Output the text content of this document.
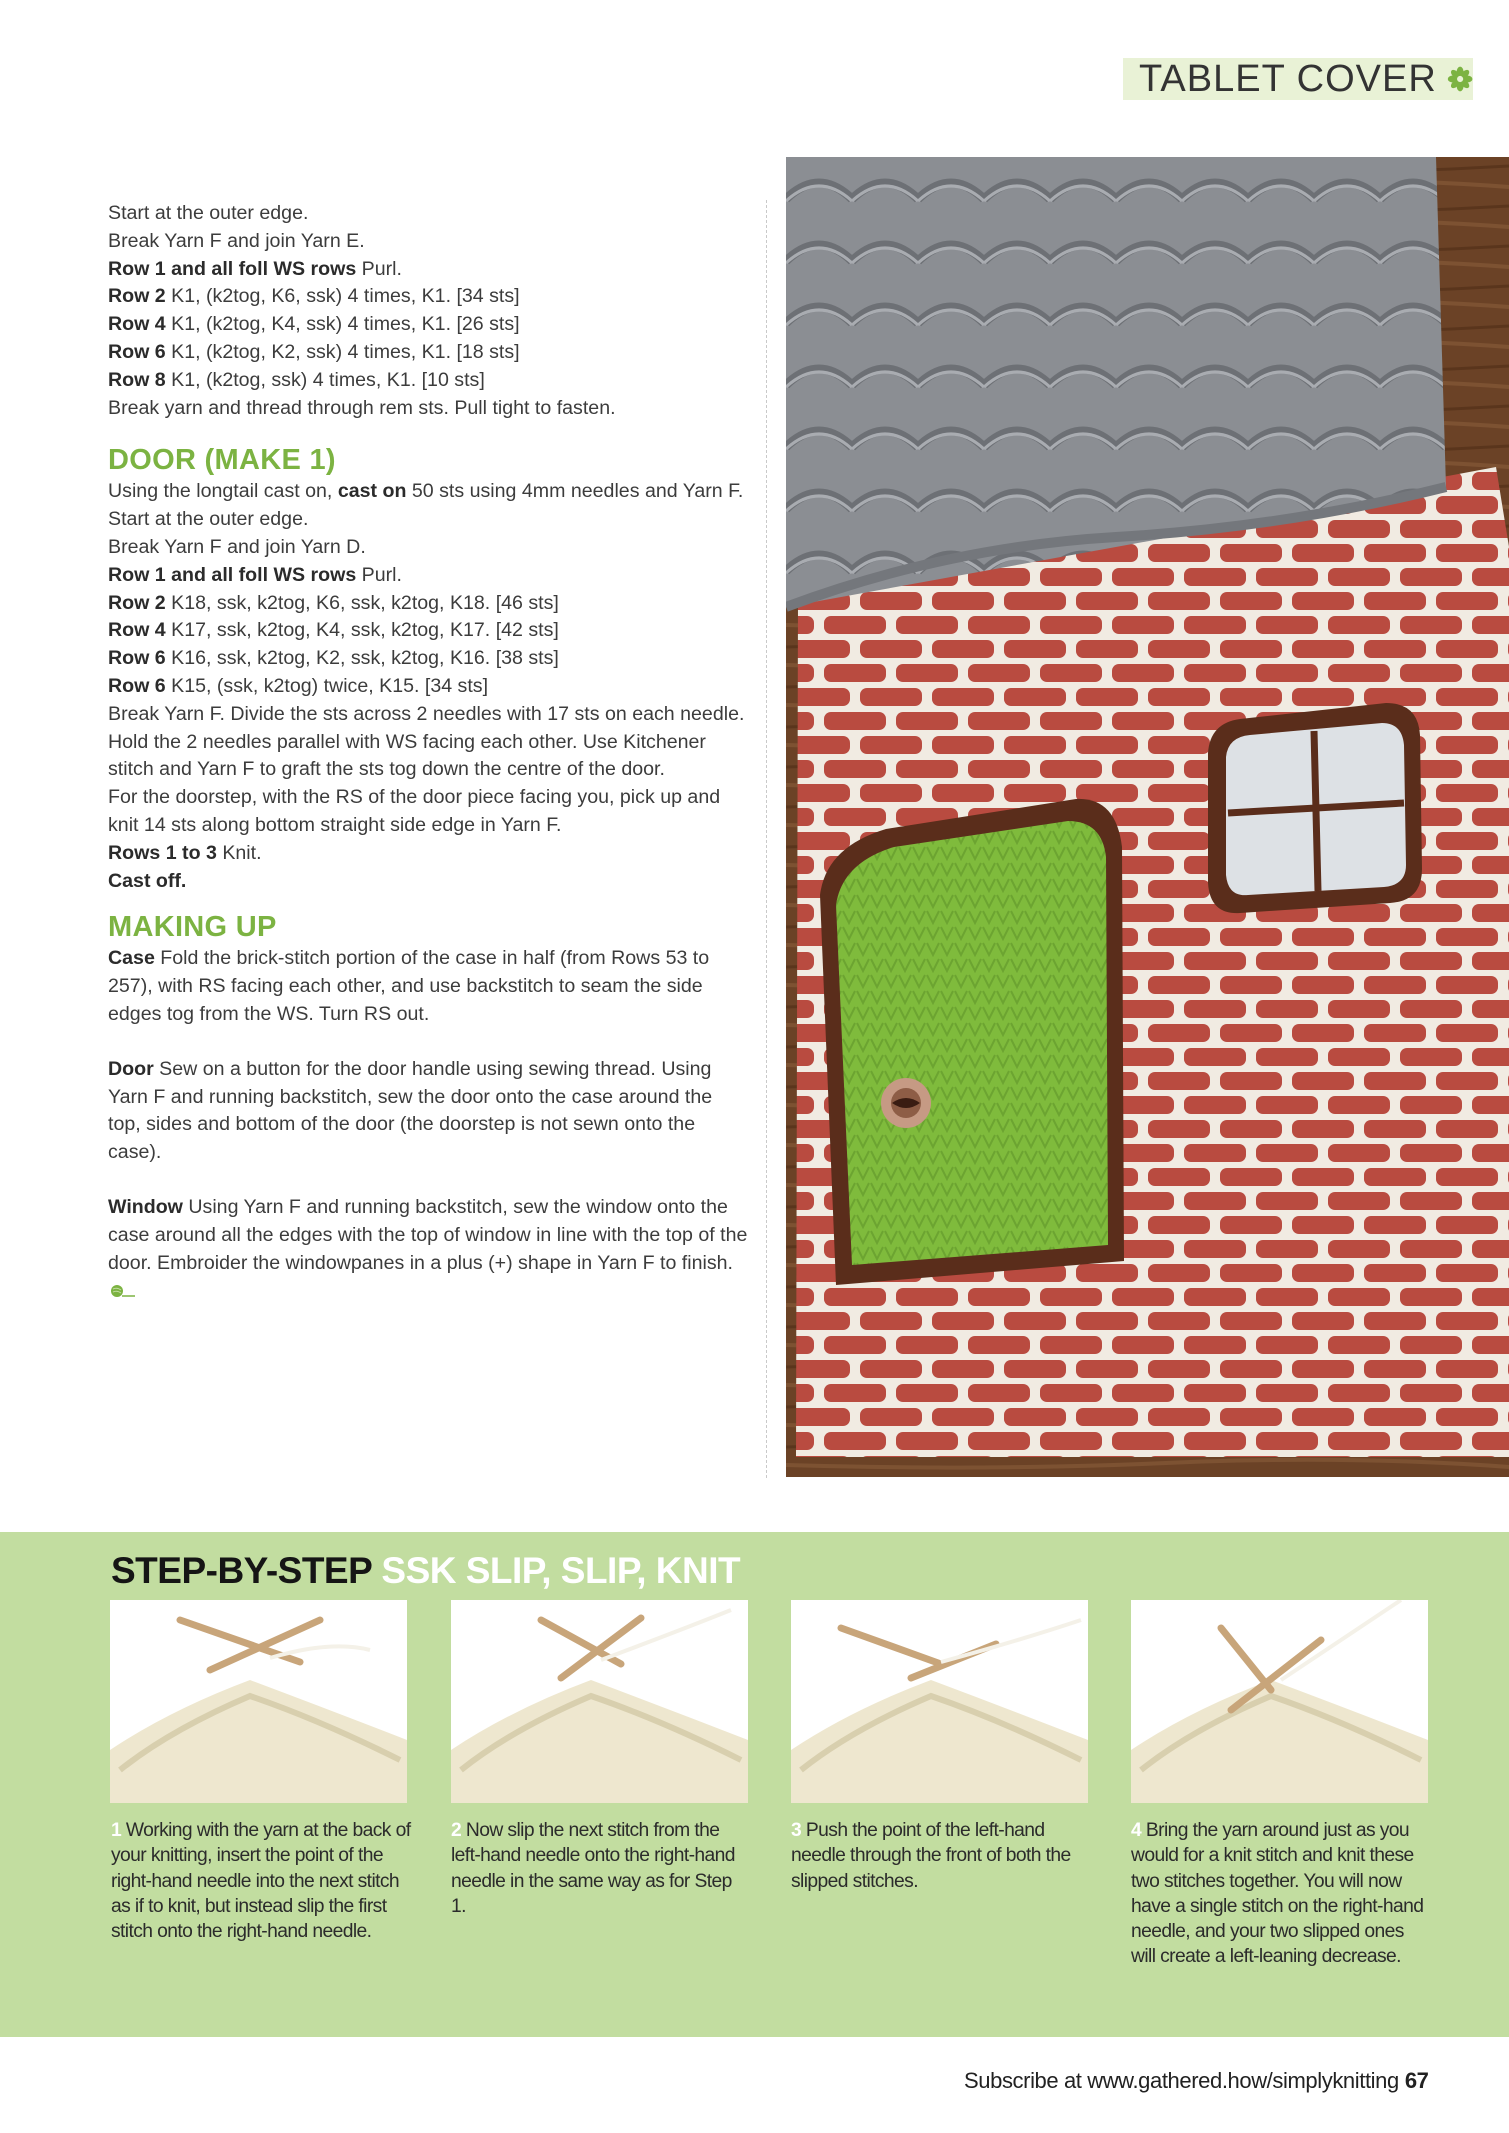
TABLET COVER

Start at the outer edge.

Break Yarn F and join Yarn E.

Row 1 and all foll WS rows Purl.

Row 2 K1, (k2tog, K6, ssk) 4 times, K1. [34 sts]

Row 4 K1, (k2tog, K4, ssk) 4 times, K1. [26 sts]

Row 6 K1, (k2tog, K2, ssk) 4 times, K1. [18 sts]

Row 8 K1, (k2tog, ssk) 4 times, K1. [10 sts]

Break yarn and thread through rem sts. Pull tight to fasten.

DOOR (MAKE 1)

Using the longtail cast on, cast on 50 sts using 4mm needles and Yarn F.

Start at the outer edge.

Break Yarn F and join Yarn D.

Row 1 and all foll WS rows Purl.

Row 2 K18, ssk, k2tog, K6, ssk, k2tog, K18. [46 sts]

Row 4 K17, ssk, k2tog, K4, ssk, k2tog, K17. [42 sts]

Row 6 K16, ssk, k2tog, K2, ssk, k2tog, K16. [38 sts]

Row 6 K15, (ssk, k2tog) twice, K15. [34 sts]

Break Yarn F. Divide the sts across 2 needles with 17 sts on each needle. Hold the 2 needles parallel with WS facing each other. Use Kitchener stitch and Yarn F to graft the sts tog down the centre of the door.

For the doorstep, with the RS of the door piece facing you, pick up and knit 14 sts along bottom straight side edge in Yarn F.

Rows 1 to 3 Knit.

Cast off.

MAKING UP

Case Fold the brick-stitch portion of the case in half (from Rows 53 to 257), with RS facing each other, and use backstitch to seam the side edges tog from the WS. Turn RS out.

Door Sew on a button for the door handle using sewing thread. Using Yarn F and running backstitch, sew the door onto the case around the top, sides and bottom of the door (the doorstep is not sewn onto the case).

Window Using Yarn F and running backstitch, sew the window onto the case around all the edges with the top of window in line with the top of the door. Embroider the windowpanes in a plus (+) shape in Yarn F to finish.

STEP-BY-STEP SSK SLIP, SLIP, KNIT
1 Working with the yarn at the back of your knitting, insert the point of the right-hand needle into the next stitch as if to knit, but instead slip the first stitch onto the right-hand needle.
2 Now slip the next stitch from the left-hand needle onto the right-hand needle in the same way as for Step 1.
3 Push the point of the left-hand needle through the front of both the slipped stitches.
4 Bring the yarn around just as you would for a knit stitch and knit these two stitches together. You will now have a single stitch on the right-hand needle, and your two slipped ones will create a left-leaning decrease.
Subscribe at www.gathered.how/simplyknitting 67
